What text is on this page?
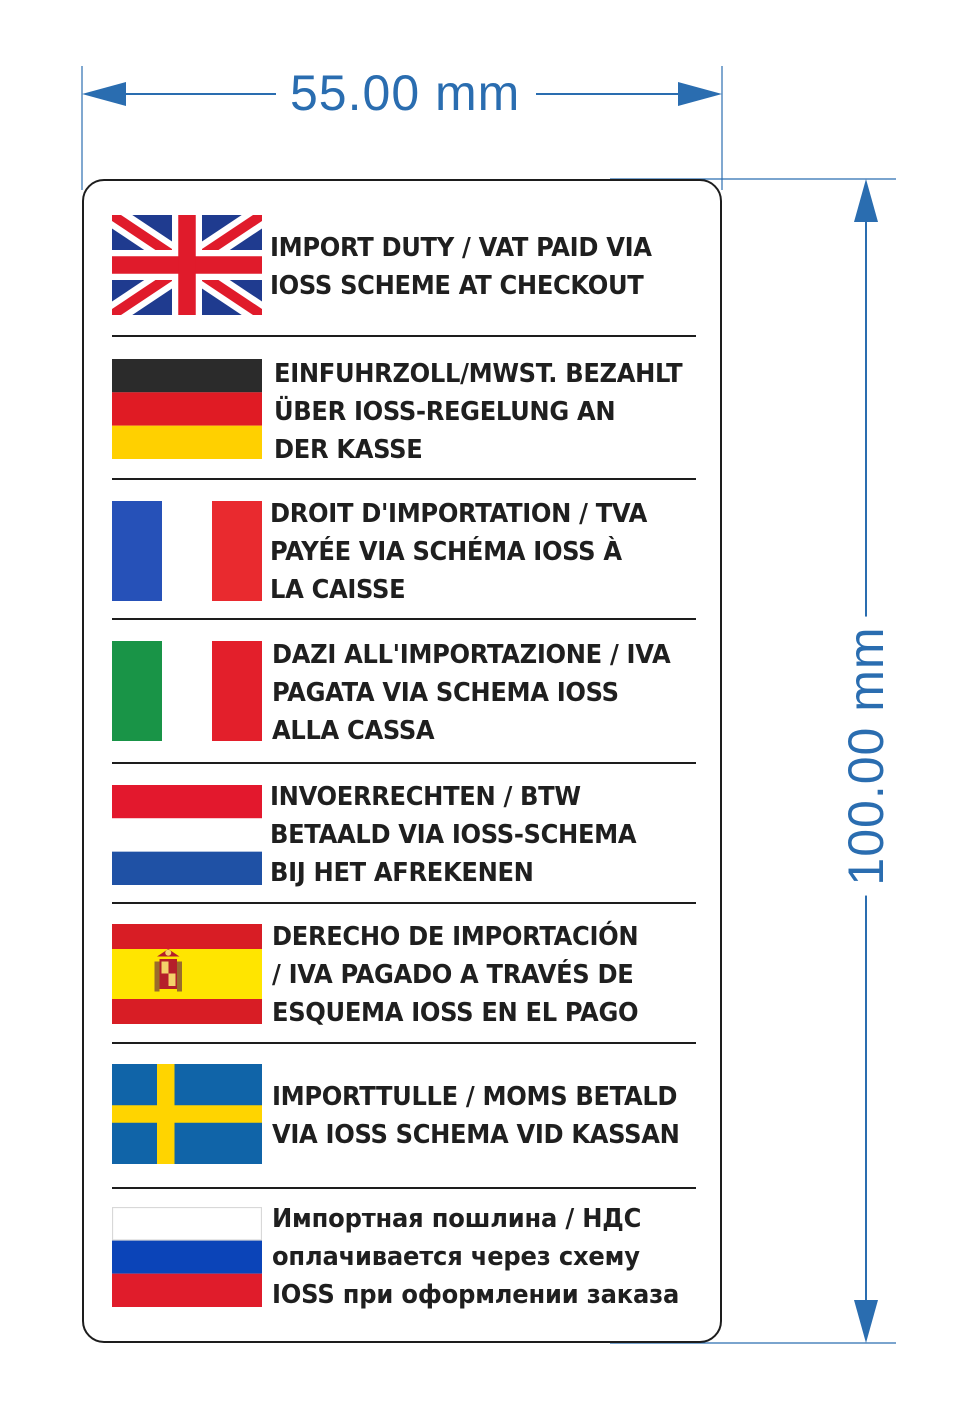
55.00 mm
100.00 mm
IMPORT DUTY / VAT PAID VIA
IOSS SCHEME AT CHECKOUT
EINFUHRZOLL/MWST. BEZAHLT
ÜBER IOSS-REGELUNG AN
DER KASSE
DROIT D'IMPORTATION / TVA
PAYÉE VIA SCHÉMA IOSS À
LA CAISSE
DAZI ALL'IMPORTAZIONE / IVA
PAGATA VIA SCHEMA IOSS
ALLA CASSA
INVOERRECHTEN / BTW
BETAALD VIA IOSS-SCHEMA
BIJ HET AFREKENEN
DERECHO DE IMPORTACIÓN
/ IVA PAGADO A TRAVÉS DE
ESQUEMA IOSS EN EL PAGO
IMPORTTULLE / MOMS BETALD
VIA IOSS SCHEMA VID KASSAN
Импортная пошлина / НДС
оплачивается через схему
IOSS при оформлении заказа
